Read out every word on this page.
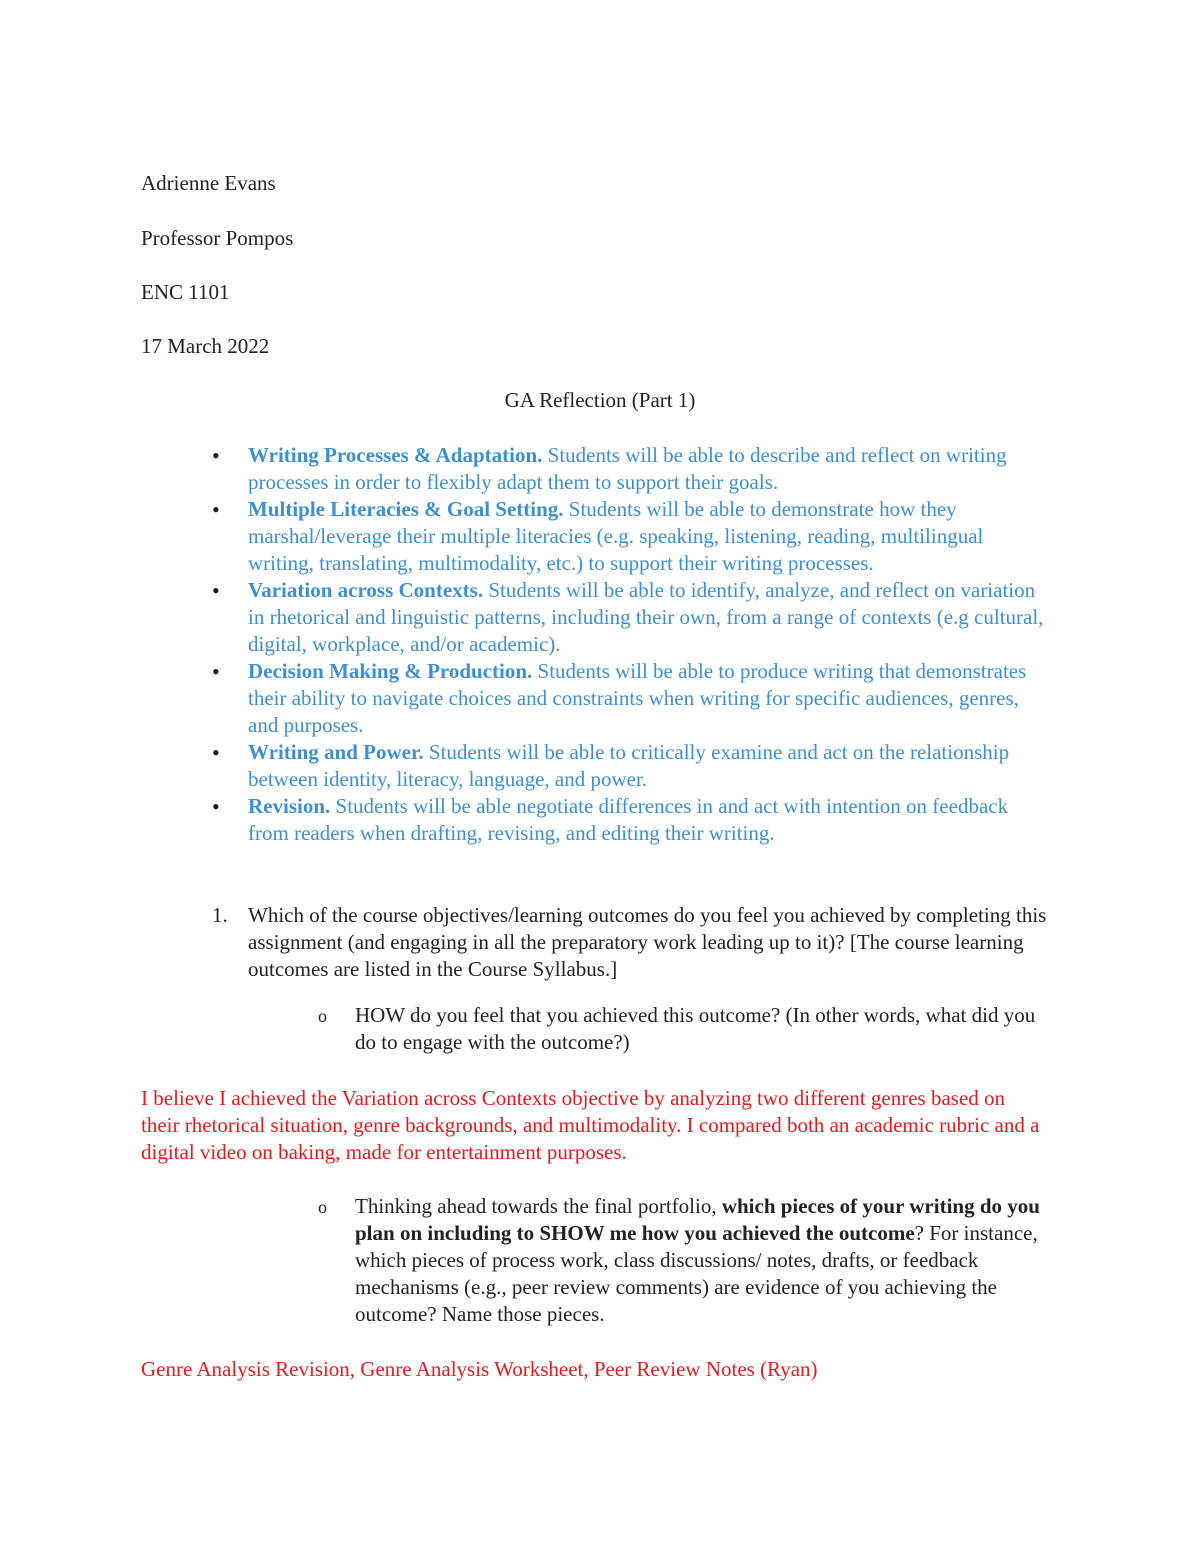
Adrienne Evans

Professor Pompos

ENC 1101

17 March 2022

GA Reflection (Part 1)

• Writing Processes & Adaptation. Students will be able to describe and reflect on writing processes in order to flexibly adapt them to support their goals.
• Multiple Literacies & Goal Setting. Students will be able to demonstrate how they marshal/leverage their multiple literacies (e.g. speaking, listening, reading, multilingual writing, translating, multimodality, etc.) to support their writing processes.
• Variation across Contexts. Students will be able to identify, analyze, and reflect on variation in rhetorical and linguistic patterns, including their own, from a range of contexts (e.g cultural, digital, workplace, and/or academic).
• Decision Making & Production. Students will be able to produce writing that demonstrates their ability to navigate choices and constraints when writing for specific audiences, genres, and purposes.
• Writing and Power. Students will be able to critically examine and act on the relationship between identity, literacy, language, and power.
• Revision. Students will be able negotiate differences in and act with intention on feedback from readers when drafting, revising, and editing their writing.
1. Which of the course objectives/learning outcomes do you feel you achieved by completing this assignment (and engaging in all the preparatory work leading up to it)? [The course learning outcomes are listed in the Course Syllabus.]
o	HOW do you feel that you achieved this outcome? (In other words, what did you do to engage with the outcome?)

I believe I achieved the Variation across Contexts objective by analyzing two different genres based on their rhetorical situation, genre backgrounds, and multimodality. I compared both an academic rubric and a digital video on baking, made for entertainment purposes.

o	Thinking ahead towards the final portfolio, which pieces of your writing do you plan on including to SHOW me how you achieved the outcome? For instance, which pieces of process work, class discussions/ notes, drafts, or feedback mechanisms (e.g., peer review comments) are evidence of you achieving the outcome? Name those pieces.

Genre Analysis Revision, Genre Analysis Worksheet, Peer Review Notes (Ryan)
